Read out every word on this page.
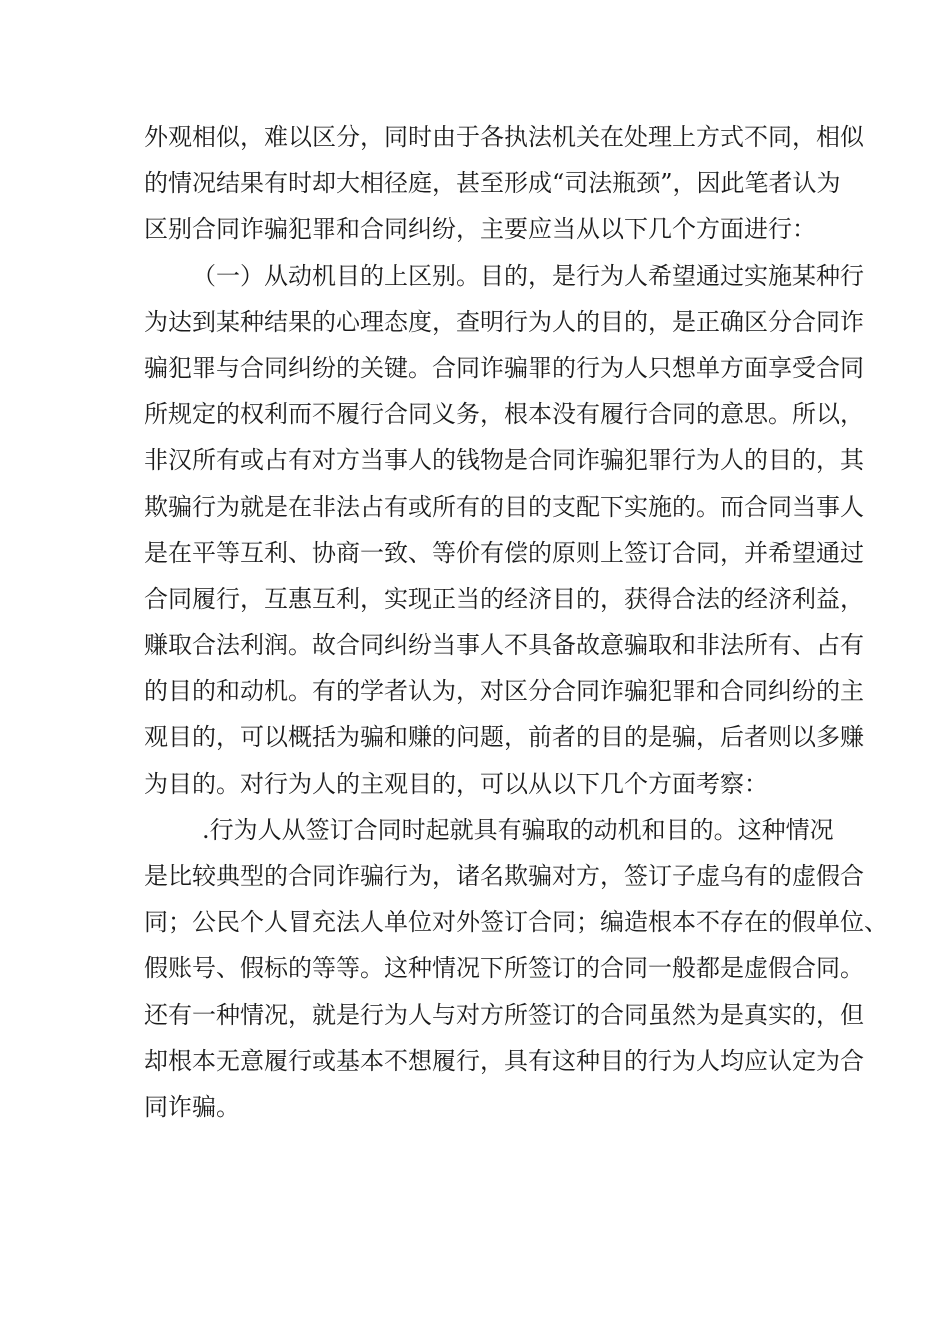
外观相似，难以区分，同时由于各执法机关在处理上方式不同，相似
的情况结果有时却大相径庭，甚至形成“司法瓶颈”，因此笔者认为
区别合同诈骗犯罪和合同纠纷，主要应当从以下几个方面进行：
（一）从动机目的上区别。目的，是行为人希望通过实施某种行
为达到某种结果的心理态度，查明行为人的目的，是正确区分合同诈
骗犯罪与合同纠纷的关键。合同诈骗罪的行为人只想单方面享受合同
所规定的权利而不履行合同义务，根本没有履行合同的意思。所以，
非汉所有或占有对方当事人的钱物是合同诈骗犯罪行为人的目的，其
欺骗行为就是在非法占有或所有的目的支配下实施的。而合同当事人
是在平等互利、协商一致、等价有偿的原则上签订合同，并希望通过
合同履行，互惠互利，实现正当的经济目的，获得合法的经济利益，
赚取合法利润。故合同纠纷当事人不具备故意骗取和非法所有、占有
的目的和动机。有的学者认为，对区分合同诈骗犯罪和合同纠纷的主
观目的，可以概括为骗和赚的问题，前者的目的是骗，后者则以多赚
为目的。对行为人的主观目的，可以从以下几个方面考察：
.行为人从签订合同时起就具有骗取的动机和目的。这种情况
是比较典型的合同诈骗行为，诸名欺骗对方，签订子虚乌有的虚假合
同；公民个人冒充法人单位对外签订合同；编造根本不存在的假单位、
假账号、假标的等等。这种情况下所签订的合同一般都是虚假合同。
还有一种情况，就是行为人与对方所签订的合同虽然为是真实的，但
却根本无意履行或基本不想履行，具有这种目的行为人均应认定为合
同诈骗。
